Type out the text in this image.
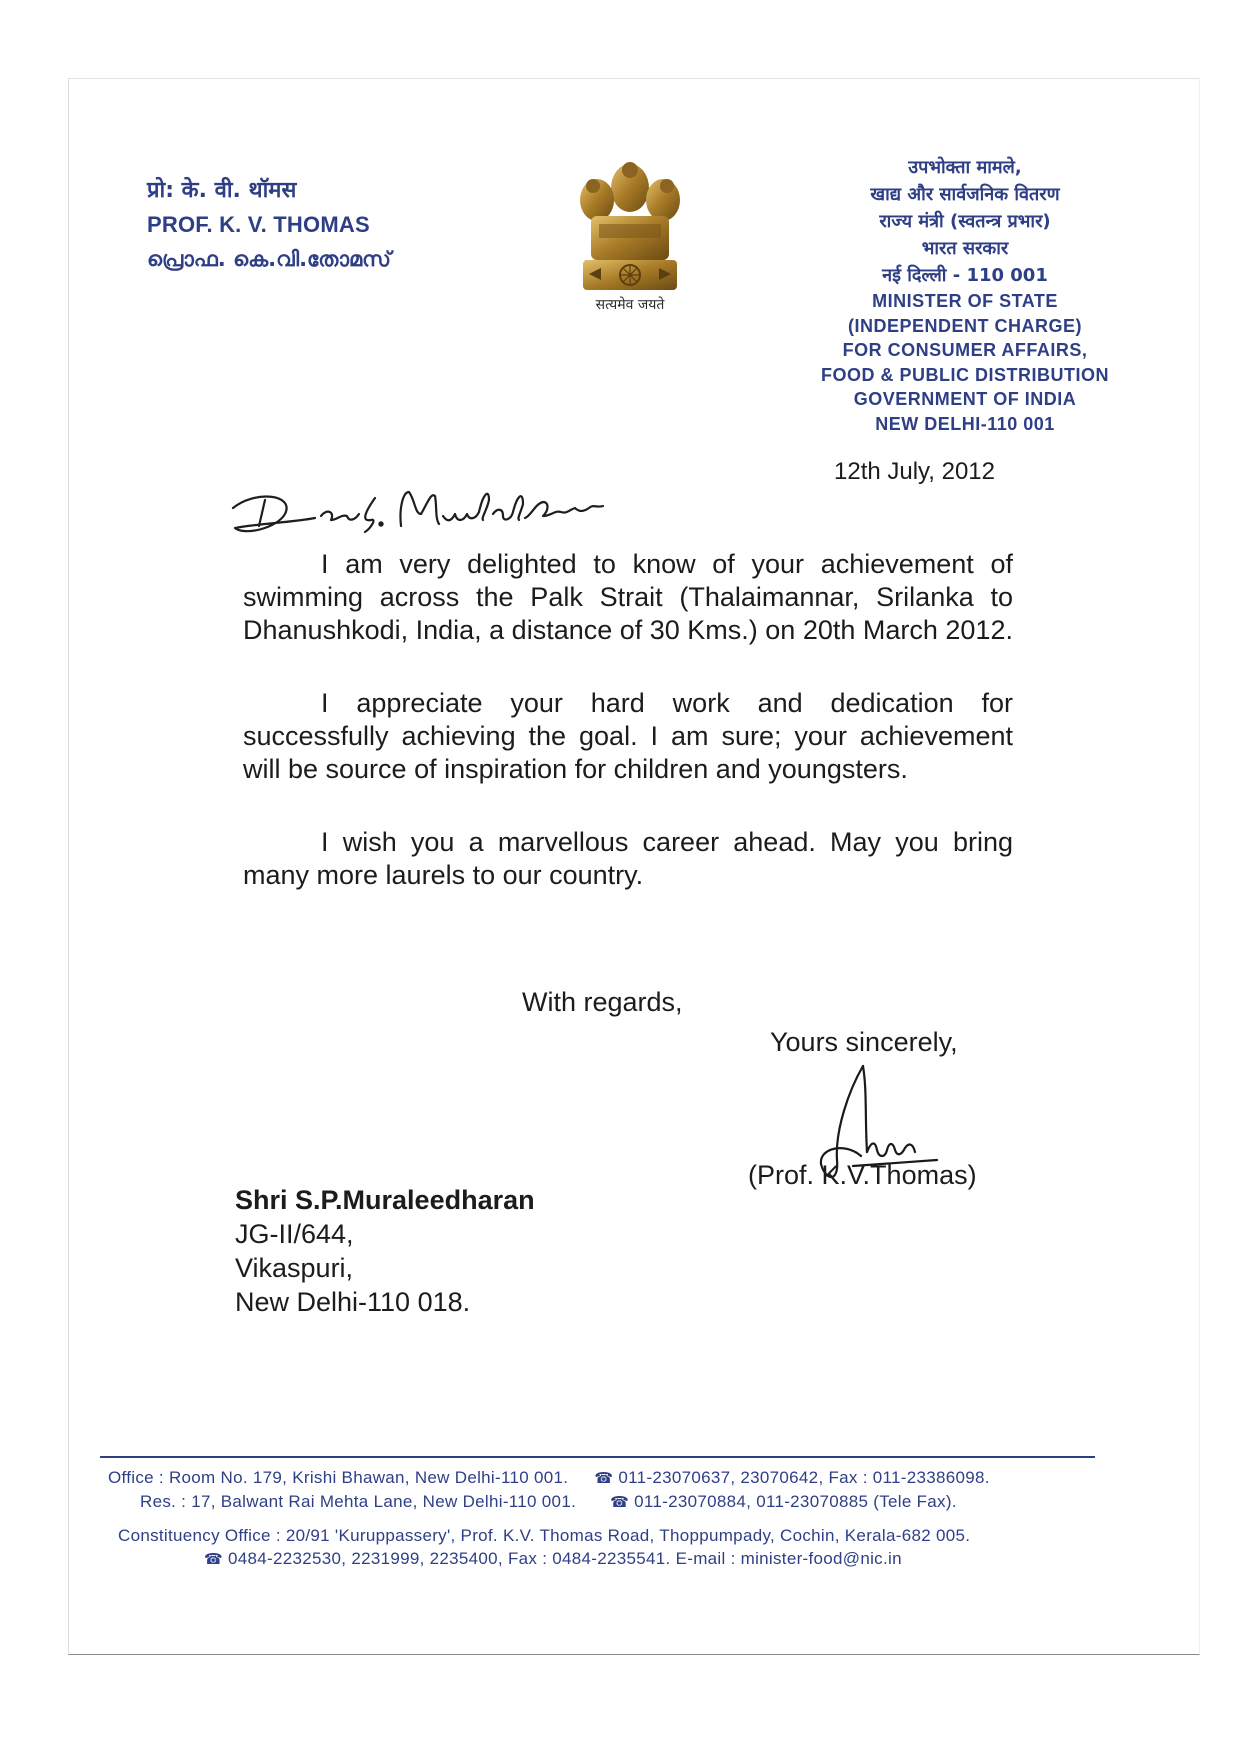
प्रो: के. वी. थॉमस
PROF. K. V. THOMAS
പ്രൊഫ. കെ.വി.തോമസ്
सत्यमेव जयते
उपभोक्ता मामले,
खाद्य और सार्वजनिक वितरण
राज्य मंत्री (स्वतन्त्र प्रभार)
भारत सरकार
नई दिल्ली - 110 001
MINISTER OF STATE
(INDEPENDENT CHARGE)
FOR CONSUMER AFFAIRS,
FOOD & PUBLIC DISTRIBUTION
GOVERNMENT OF INDIA
NEW DELHI-110 001
12th July, 2012

I am very delighted to know of your achievement of swimming across the Palk Strait (Thalaimannar, Srilanka to Dhanushkodi, India, a distance of 30 Kms.) on 20th March 2012.

I appreciate your hard work and dedication for successfully achieving the goal. I am sure; your achievement will be source of inspiration for children and youngsters.

I wish you a marvellous career ahead. May you bring many more laurels to our country.

With regards,
Yours sincerely,
(Prof. K.V.Thomas)
Shri S.P.Muraleedharan
JG-II/644,
Vikaspuri,
New Delhi-110 018.
Office : Room No. 179, Krishi Bhawan, New Delhi-110 001. ☎ 011-23070637, 23070642, Fax : 011-23386098.
Res. : 17, Balwant Rai Mehta Lane, New Delhi-110 001. ☎ 011-23070884, 011-23070885 (Tele Fax).
Constituency Office : 20/91 'Kuruppassery', Prof. K.V. Thomas Road, Thoppumpady, Cochin, Kerala-682 005.
☎ 0484-2232530, 2231999, 2235400, Fax : 0484-2235541. E-mail : minister-food@nic.in
